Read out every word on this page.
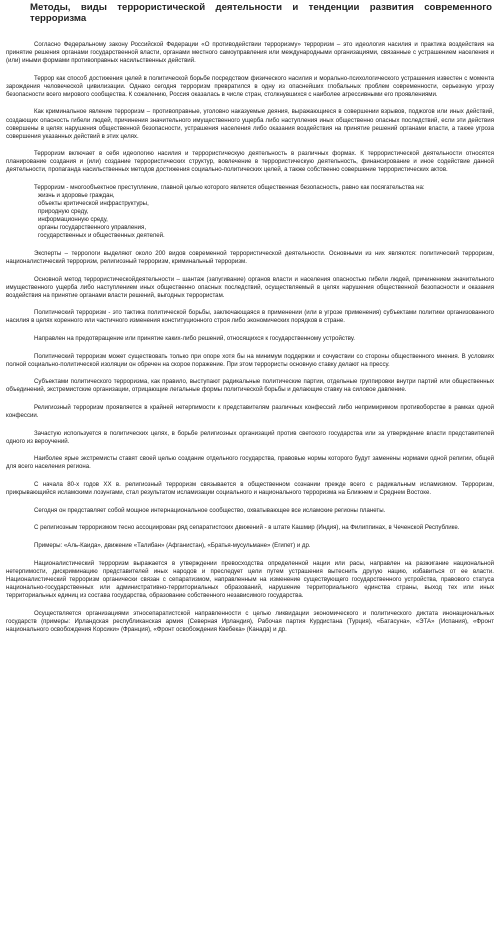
Методы, виды террористической деятельности и тенденции развития современного терроризма

Согласно Федеральному закону Российской Федерации «О противодействии терроризму» терроризм – это идеология насилия и практика воздействия на принятие решения органами государственной власти, органами местного самоуправления или международными организациями, связанные с устрашением населения и (или) иными формами противоправных насильственных действий.

Террор как способ достижения целей в политической борьбе посредством физического насилия и морально-психологического устрашения известен с момента зарождения человеческой цивилизации. Однако сегодня терроризм превратился в одну из опаснейших глобальных проблем современности, серьезную угрозу безопасности всего мирового сообщества. К сожалению, Россия оказалась в числе стран, столкнувшихся с наиболее агрессивными его проявлениями.

Как криминальное явление терроризм – противоправные, уголовно наказуемые деяния, выражающиеся в совершении взрывов, поджогов или иных действий, создающих опасность гибели людей, причинения значительного имущественного ущерба либо наступления иных общественно опасных последствий, если эти действия совершены в целях нарушения общественной безопасности, устрашения населения либо оказания воздействия на принятие решений органами власти, а также угроза совершения указанных действий в этих целях.

Терроризм включает в себя идеологию насилия и террористическую деятельность в различных формах. К террористической деятельности относятся планирование создания и (или) создание террористических структур, вовлечение в террористическую деятельность, финансирование и иное содействие данной деятельности, пропаганда насильственных методов достижения социально-политических целей, а также собственно совершение террористических актов.

Терроризм - многообъектное преступление, главной целью которого является общественная безопасность, равно как посягательства на:

жизнь и здоровье граждан,
объекты критической инфраструктуры,
природную среду,
информационную среду,
органы государственного управления,
государственных и общественных деятелей.

Эксперты – террологи выделяют около 200 видов современной террористической деятельности. Основными из них являются: политический терроризм, националистический терроризм, религиозный терроризм, криминальный терроризм.

Основной метод террористическойдеятельности – шантаж (запугивание) органов власти и населения опасностью гибели людей, причинением значительного имущественного ущерба либо наступлением иных общественно опасных последствий, осуществляемый в целях нарушения общественной безопасности и оказания воздействия на принятие органами власти решений, выгодных террористам.

Политический терроризм - это тактика политической борьбы, заключающаяся в применении (или в угрозе применения) субъектами политики организованного насилия в целях коренного или частичного изменения конституционного строя либо экономических порядков в стране.

Направлен на предотвращение или принятие каких-либо решений, относящихся к государственному устройству.

Политический терроризм может существовать только при опоре хотя бы на минимум поддержки и сочувствии со стороны общественного мнения. В условиях полной социально-политической изоляции он обречен на скорое поражение. При этом террористы основную ставку делают на прессу.

Субъектами политического терроризма, как правило, выступают радикальные политические партии, отдельные группировки внутри партий или общественных объединений, экстремистские организации, отрицающие легальные формы политической борьбы и делающие ставку на силовое давление.

Религиозный терроризм проявляется в крайней нетерпимости к представителям различных конфессий либо непримиримом противоборстве в рамках одной конфессии.

Зачастую используется в политических целях, в борьбе религиозных организаций против светского государства или за утверждение власти представителей одного из вероучений.

Наиболее ярые экстремисты ставят своей целью создание отдельного государства, правовые нормы которого будут заменены нормами одной религии, общей для всего населения региона.

С начала 80-х годов XX в. религиозный терроризм связывается в общественном сознании прежде всего с радикальным исламизмом. Терроризм, прикрывающийся исламскими лозунгами, стал результатом исламизации социального и национального терроризма на Ближнем и Среднем Востоке.

Сегодня он представляет собой мощное интернациональное сообщество, охватывающее все исламские регионы планеты.

С религиозным терроризмом тесно ассоциирован ряд сепаратистских движений - в штате Кашмир (Индия), на Филиппинах, в Чеченской Республике.

Примеры: «Аль-Каида», движение «Талибан» (Афганистан), «Братья-мусульмане» (Египет) и др.

Националистический терроризм выражается в утверждении превосходства определенной нации или расы, направлен на разжигание национальной нетерпимости, дискриминацию представителей иных народов и преследует цели путем устрашения вытеснить другую нацию, избавиться от ее власти. Националистический терроризм органически связан с сепаратизмом, направленным на изменение существующего государственного устройства, правового статуса национально-государственных или административно-территориальных образований, нарушение территориального единства страны, выход тех или иных территориальных единиц из состава государства, образование собственного независимого государства.

Осуществляется организациями этносепаратистской направленности с целью ликвидации экономического и политического диктата инонациональных государств (примеры: Ирландская республиканская армия (Северная Ирландия), Рабочая партия Курдистана (Турция), «Батасуна», «ЭТА» (Испания), «Фронт национального освобождения Корсики» (Франция), «Фронт освобождения Квебека» (Канада) и др.
